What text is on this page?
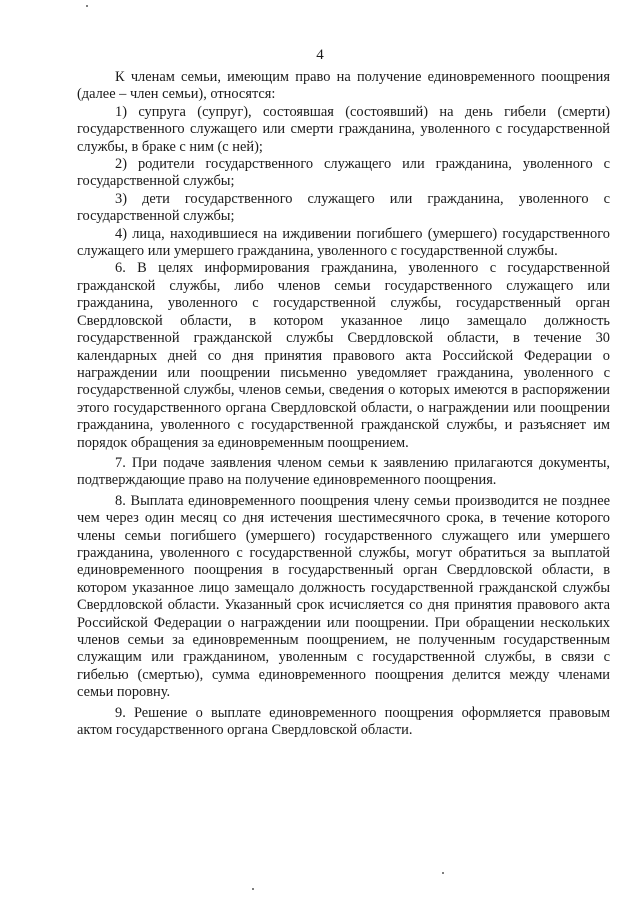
4

К членам семьи, имеющим право на получение единовременного поощрения (далее – член семьи), относятся:

1) супруга (супруг), состоявшая (состоявший) на день гибели (смерти) государственного служащего или смерти гражданина, уволенного с государственной службы, в браке с ним (с ней);

2) родители государственного служащего или гражданина, уволенного с государственной службы;

3) дети государственного служащего или гражданина, уволенного с государственной службы;

4) лица, находившиеся на иждивении погибшего (умершего) государственного служащего или умершего гражданина, уволенного с государственной службы.

6. В целях информирования гражданина, уволенного с государственной гражданской службы, либо членов семьи государственного служащего или гражданина, уволенного с государственной службы, государственный орган Свердловской области, в котором указанное лицо замещало должность государственной гражданской службы Свердловской области, в течение 30 календарных дней со дня принятия правового акта Российской Федерации о награждении или поощрении письменно уведомляет гражданина, уволенного с государственной службы, членов семьи, сведения о которых имеются в распоряжении этого государственного органа Свердловской области, о награждении или поощрении гражданина, уволенного с государственной гражданской службы, и разъясняет им порядок обращения за единовременным поощрением.

7. При подаче заявления членом семьи к заявлению прилагаются документы, подтверждающие право на получение единовременного поощрения.

8. Выплата единовременного поощрения члену семьи производится не позднее чем через один месяц со дня истечения шестимесячного срока, в течение которого члены семьи погибшего (умершего) государственного служащего или умершего гражданина, уволенного с государственной службы, могут обратиться за выплатой единовременного поощрения в государственный орган Свердловской области, в котором указанное лицо замещало должность государственной гражданской службы Свердловской области. Указанный срок исчисляется со дня принятия правового акта Российской Федерации о награждении или поощрении. При обращении нескольких членов семьи за единовременным поощрением, не полученным государственным служащим или гражданином, уволенным с государственной службы, в связи с гибелью (смертью), сумма единовременного поощрения делится между членами семьи поровну.

9. Решение о выплате единовременного поощрения оформляется правовым актом государственного органа Свердловской области.
